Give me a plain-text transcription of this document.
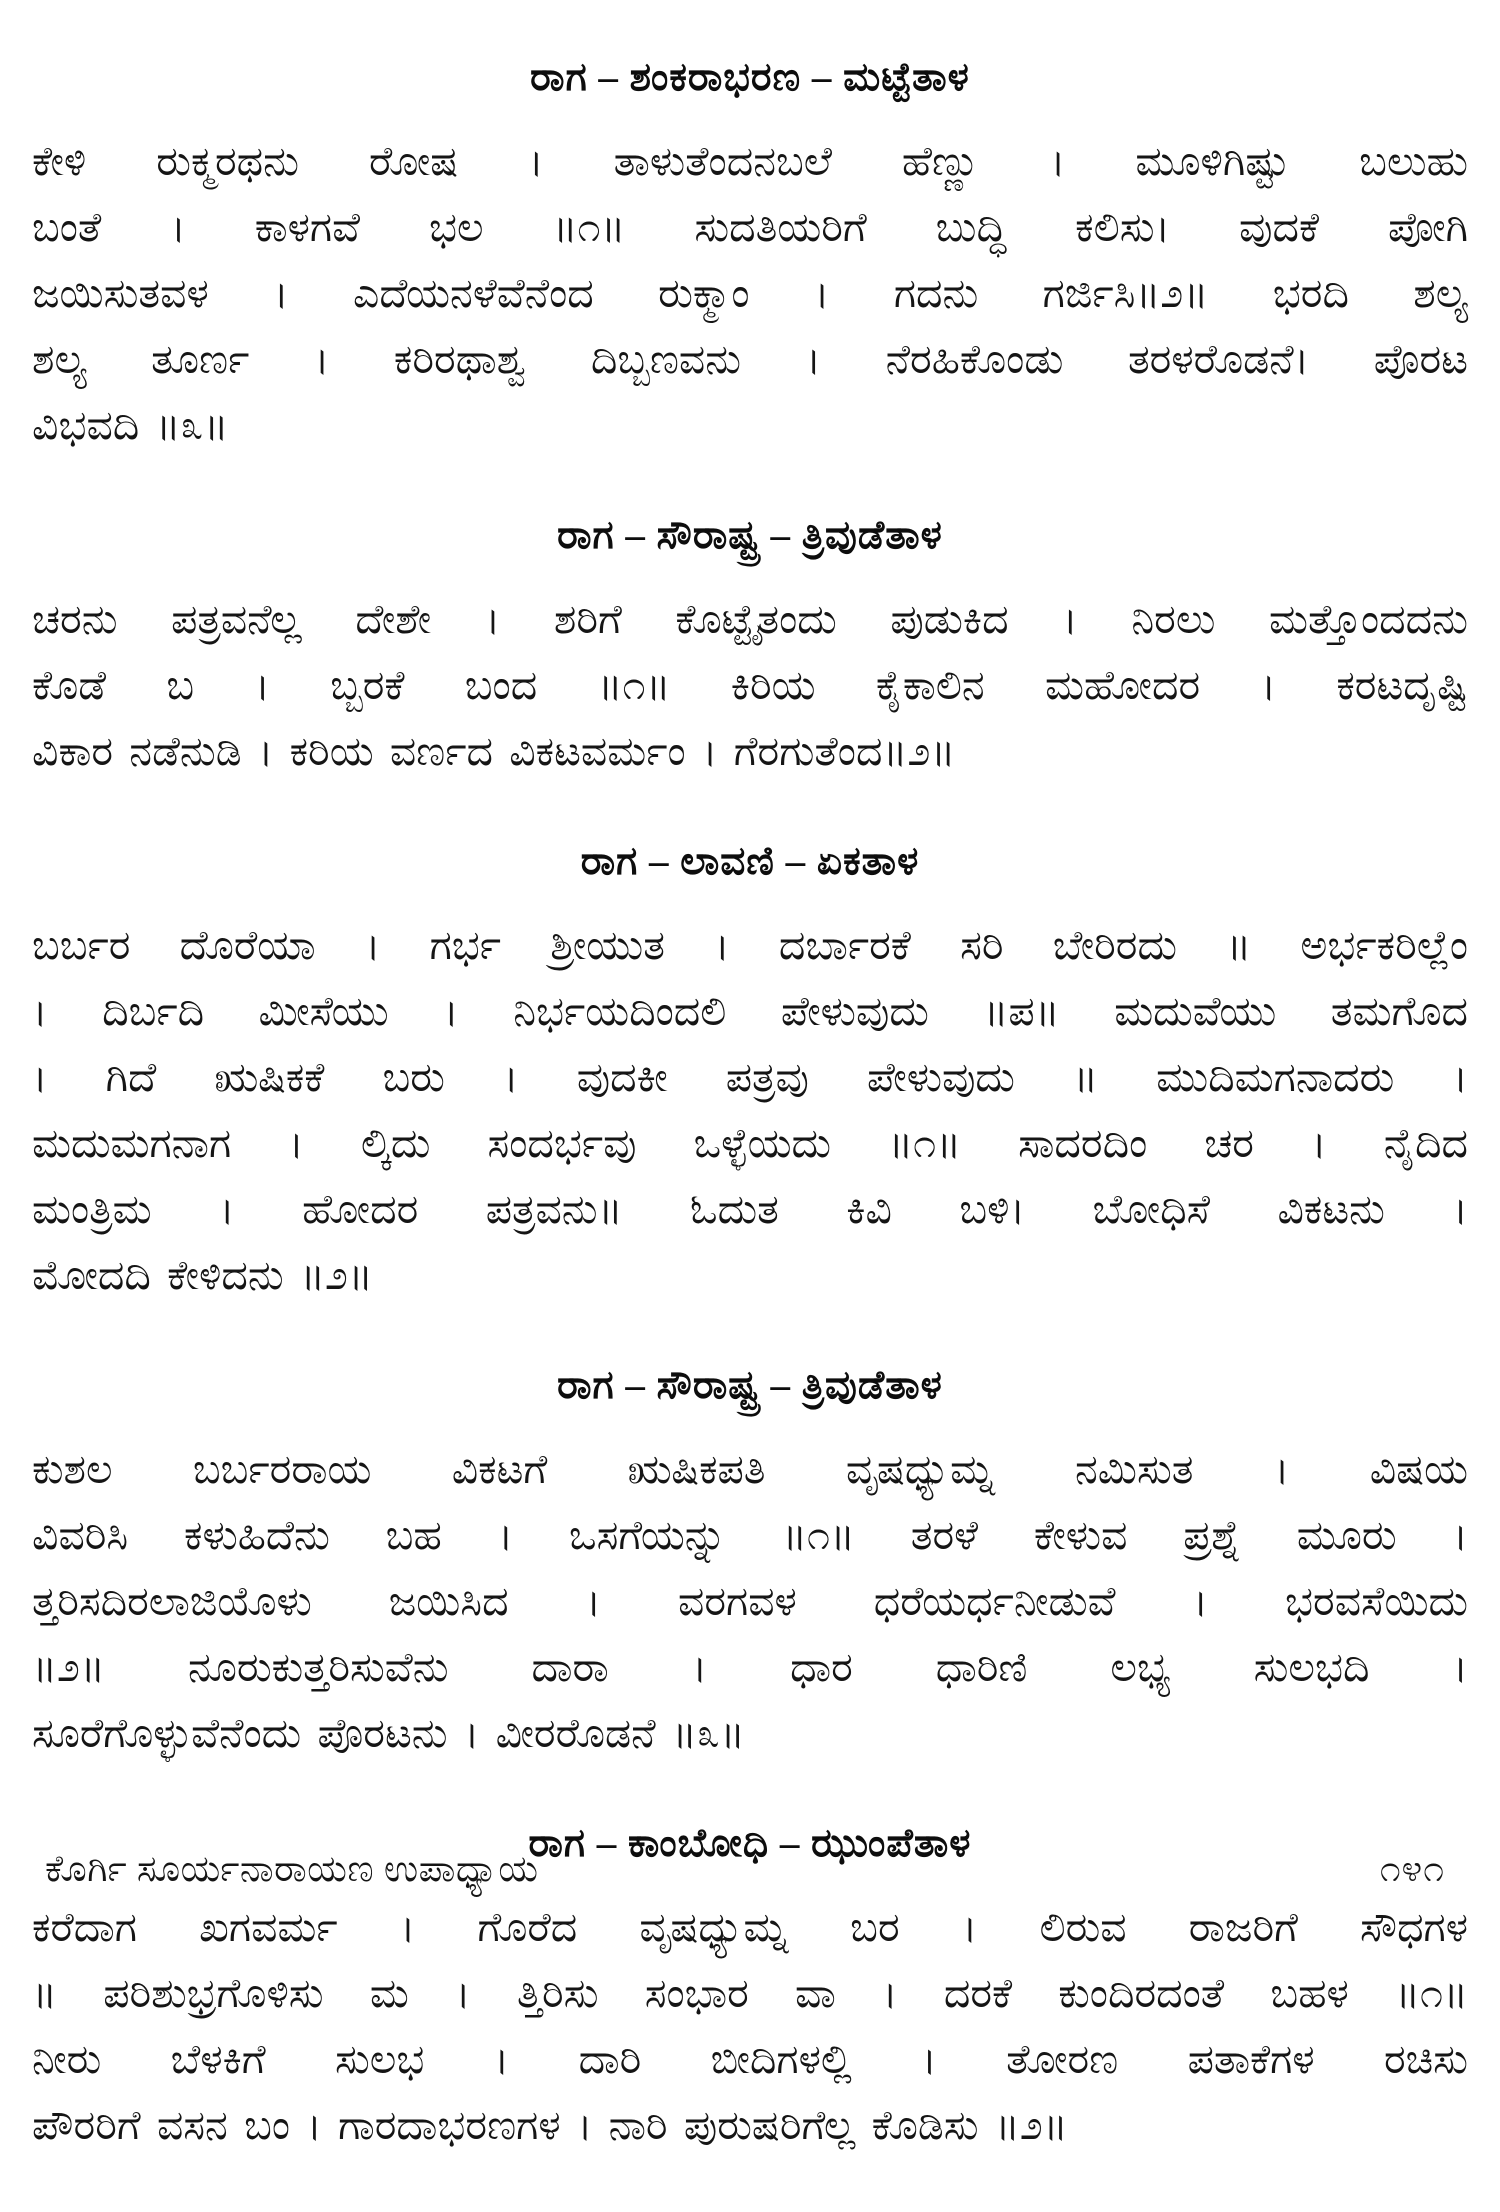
ರಾಗ – ಶಂಕರಾಭರಣ – ಮಟ್ಟೆತಾಳ
ಕೇಳಿ ರುಕ್ಮರಥನು ರೋಷ । ತಾಳುತೆಂದನಬಲೆ ಹೆಣ್ಣು । ಮೂಳಿಗಿಷ್ಟು ಬಲುಹು
ಬಂತೆ । ಕಾಳಗವೆ ಭಲ ॥೧॥ ಸುದತಿಯರಿಗೆ ಬುದ್ಧಿ ಕಲಿಸು। ವುದಕೆ ಪೋಗಿ
ಜಯಿಸುತವಳ । ಎದೆಯನಳೆವೆನೆಂದ ರುಕ್ಮಾಂ । ಗದನು ಗರ್ಜಿಸಿ॥೨॥ ಭರದಿ ಶಲ್ಯ
ಶಲ್ಯ ತೂರ್ಣ । ಕರಿರಥಾಶ್ವ ದಿಬ್ಬಣವನು । ನೆರಹಿಕೊಂಡು ತರಳರೊಡನೆ। ಪೊರಟ
ವಿಭವದಿ ॥೩॥
ರಾಗ – ಸೌರಾಷ್ಟ್ರ – ತ್ರಿವುಡೆತಾಳ
ಚರನು ಪತ್ರವನೆಲ್ಲ ದೇಶೇ । ಶರಿಗೆ ಕೊಟ್ಟೈತಂದು ಪುಡುಕಿದ । ನಿರಲು ಮತ್ತೊಂದದನು
ಕೊಡೆ ಬ । ಬ್ಬರಕೆ ಬಂದ ॥೧॥ ಕಿರಿಯ ಕೈಕಾಲಿನ ಮಹೋದರ । ಕರಟದೃಷ್ಟಿ
ವಿಕಾರ ನಡೆನುಡಿ । ಕರಿಯ ವರ್ಣದ ವಿಕಟವರ್ಮಂ । ಗೆರಗುತೆಂದ॥೨॥
ರಾಗ – ಲಾವಣಿ – ಏಕತಾಳ
ಬರ್ಬರ ದೊರೆಯಾ । ಗರ್ಭ ಶ್ರೀಯುತ । ದರ್ಬಾರಕೆ ಸರಿ ಬೇರಿರದು ॥ ಅರ್ಭಕರಿಲ್ಲೆಂ
। ದಿರ್ಬದಿ ಮೀಸೆಯು । ನಿರ್ಭಯದಿಂದಲಿ ಪೇಳುವುದು ॥ಪ॥ ಮದುವೆಯು ತಮಗೊದ
। ಗಿದೆ ಋಷಿಕಕೆ ಬರು । ವುದಕೀ ಪತ್ರವು ಪೇಳುವುದು ॥ ಮುದಿಮಗನಾದರು ।
ಮದುಮಗನಾಗ । ಲ್ಕಿದು ಸಂದರ್ಭವು ಒಳ್ಳೆಯದು ॥೧॥ ಸಾದರದಿಂ ಚರ । ನೈದಿದ
ಮಂತ್ರಿಮ । ಹೋದರ ಪತ್ರವನು॥ ಓದುತ ಕಿವಿ ಬಳಿ। ಬೋಧಿಸೆ ವಿಕಟನು ।
ಮೋದದಿ ಕೇಳಿದನು ॥೨॥
ರಾಗ – ಸೌರಾಷ್ಟ್ರ – ತ್ರಿವುಡೆತಾಳ
ಕುಶಲ ಬರ್ಬರರಾಯ ವಿಕಟಗೆ ಋಷಿಕಪತಿ ವೃಷಧ್ಯುಮ್ನ ನಮಿಸುತ । ವಿಷಯ
ವಿವರಿಸಿ ಕಳುಹಿದೆನು ಬಹ । ಒಸಗೆಯನ್ನು ॥೧॥ ತರಳೆ ಕೇಳುವ ಪ್ರಶ್ನೆ ಮೂರು ।
ತ್ತರಿಸದಿರಲಾಜಿಯೊಳು ಜಯಿಸಿದ । ವರಗವಳ ಧರೆಯರ್ಧನೀಡುವೆ । ಭರವಸೆಯಿದು
॥೨॥ ನೂರುಕುತ್ತರಿಸುವೆನು ದಾರಾ । ಧಾರ ಧಾರಿಣಿ ಲಭ್ಯ ಸುಲಭದಿ ।
ಸೂರೆಗೊಳ್ಳುವೆನೆಂದು ಪೊರಟನು । ವೀರರೊಡನೆ ॥೩॥
ರಾಗ – ಕಾಂಬೋಧಿ – ಝುಂಪೆತಾಳ
ಕರೆದಾಗ ಖಗವರ್ಮ । ಗೊರೆದ ವೃಷಧ್ಯುಮ್ನ ಬರ । ಲಿರುವ ರಾಜರಿಗೆ ಸೌಧಗಳ
॥ ಪರಿಶುಭ್ರಗೊಳಿಸು ಮ । ತ್ತಿರಿಸು ಸಂಭಾರ ವಾ । ದರಕೆ ಕುಂದಿರದಂತೆ ಬಹಳ ॥೧॥
ನೀರು ಬೆಳಕಿಗೆ ಸುಲಭ । ದಾರಿ ಬೀದಿಗಳಲ್ಲಿ । ತೋರಣ ಪತಾಕೆಗಳ ರಚಿಸು
ಪೌರರಿಗೆ ವಸನ ಬಂ । ಗಾರದಾಭರಣಗಳ । ನಾರಿ ಪುರುಷರಿಗೆಲ್ಲ ಕೊಡಿಸು ॥೨॥
ಕೊರ್ಗಿ ಸೂರ್ಯನಾರಾಯಣ ಉಪಾಧ್ಯಾಯ	೧೪೧
